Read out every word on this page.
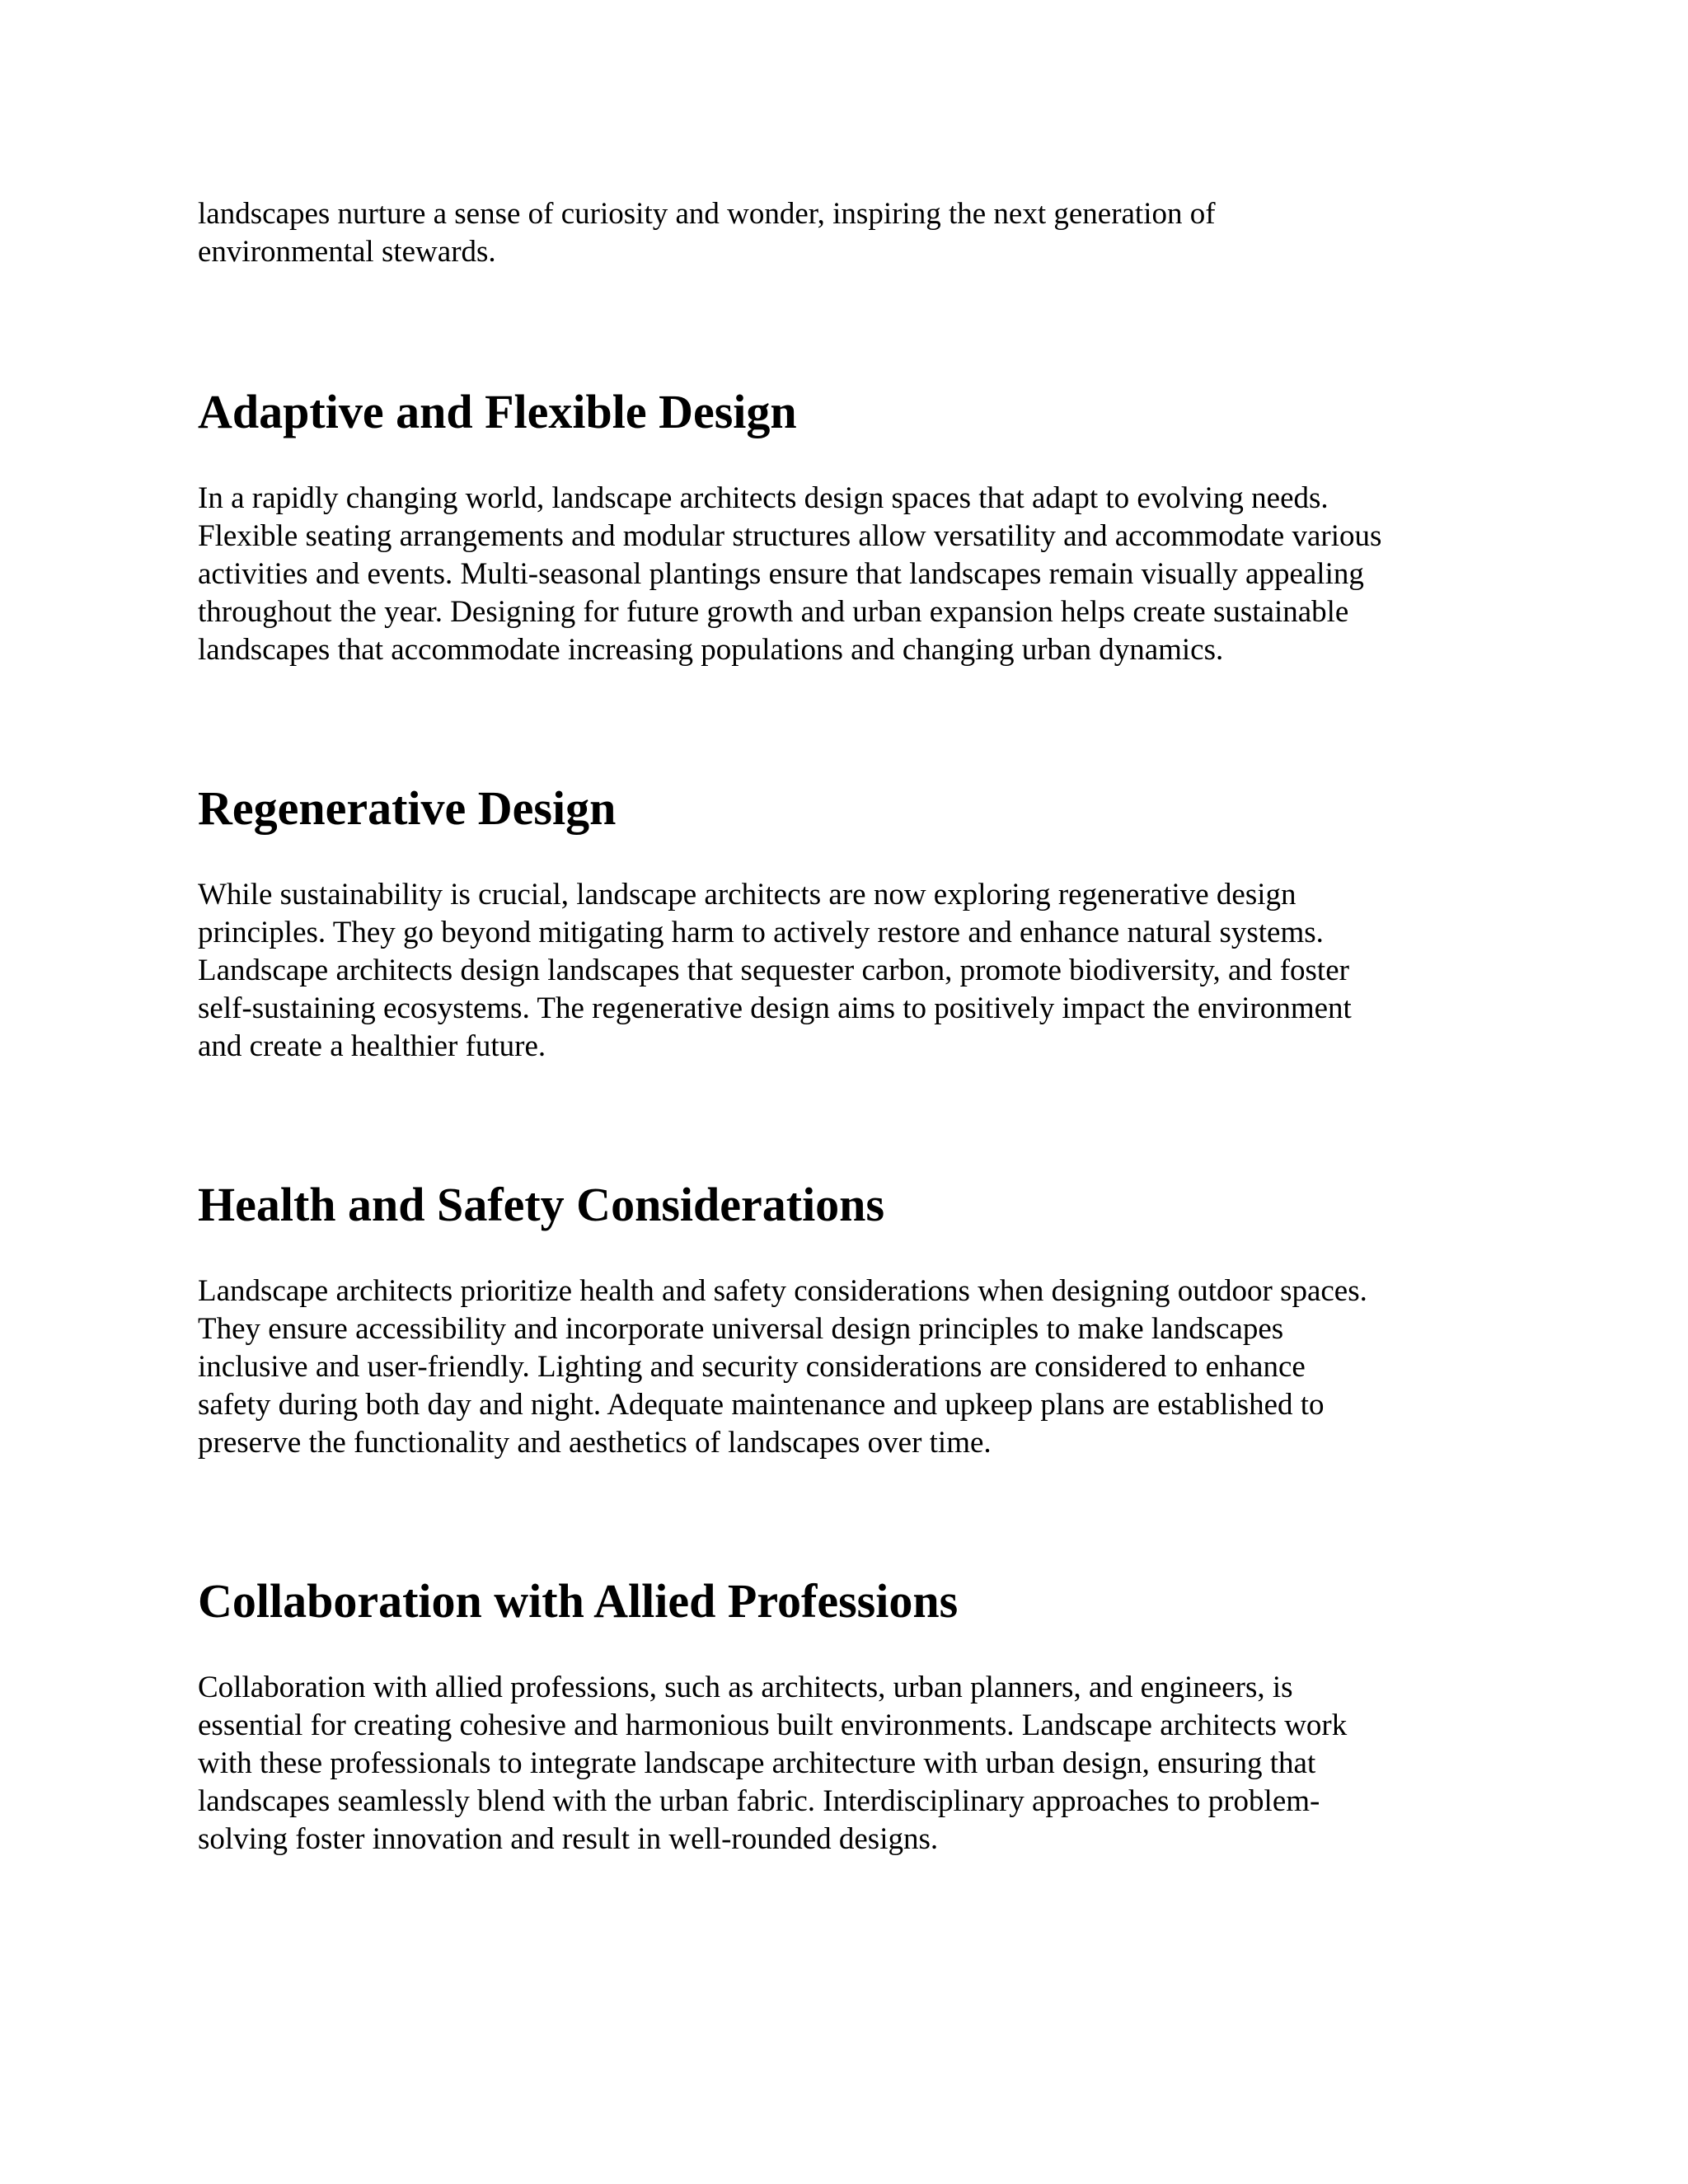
landscapes nurture a sense of curiosity and wonder, inspiring the next generation of
environmental stewards.

Adaptive and Flexible Design

In a rapidly changing world, landscape architects design spaces that adapt to evolving needs.
Flexible seating arrangements and modular structures allow versatility and accommodate various
activities and events. Multi-seasonal plantings ensure that landscapes remain visually appealing
throughout the year. Designing for future growth and urban expansion helps create sustainable
landscapes that accommodate increasing populations and changing urban dynamics.

Regenerative Design

While sustainability is crucial, landscape architects are now exploring regenerative design
principles. They go beyond mitigating harm to actively restore and enhance natural systems.
Landscape architects design landscapes that sequester carbon, promote biodiversity, and foster
self-sustaining ecosystems. The regenerative design aims to positively impact the environment
and create a healthier future.

Health and Safety Considerations

Landscape architects prioritize health and safety considerations when designing outdoor spaces.
They ensure accessibility and incorporate universal design principles to make landscapes
inclusive and user-friendly. Lighting and security considerations are considered to enhance
safety during both day and night. Adequate maintenance and upkeep plans are established to
preserve the functionality and aesthetics of landscapes over time.

Collaboration with Allied Professions

Collaboration with allied professions, such as architects, urban planners, and engineers, is
essential for creating cohesive and harmonious built environments. Landscape architects work
with these professionals to integrate landscape architecture with urban design, ensuring that
landscapes seamlessly blend with the urban fabric. Interdisciplinary approaches to problem-
solving foster innovation and result in well-rounded designs.
